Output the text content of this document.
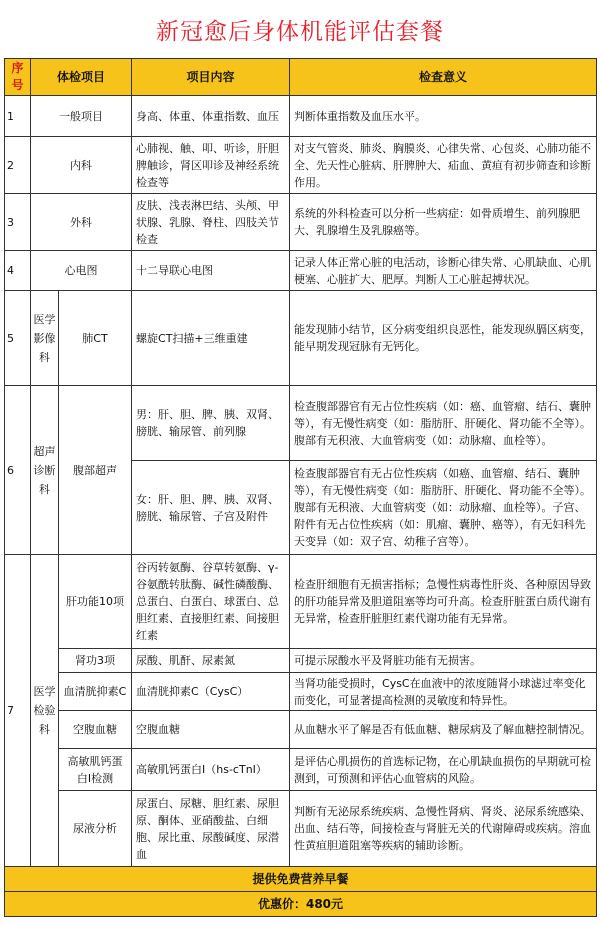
新冠愈后身体机能评估套餐
序号	体检项目		项目内容	检查意义
1	一般项目		身高、体重、体重指数、血压	判断体重指数及血压水平。
2	内科		心肺视、触、叩、听诊，肝胆脾触诊，肾区叩诊及神经系统检查等	对支气管炎、肺炎、胸膜炎、心律失常、心包炎、心肺功能不全、先天性心脏病、肝脾肿大、疝血、黄疸有初步筛查和诊断作用。
3	外科		皮肤、浅表淋巴结、头颅、甲状腺、乳腺、脊柱、四肢关节检查	系统的外科检查可以分析一些病症：如骨质增生、前列腺肥大、乳腺增生及乳腺癌等。
4	心电图		十二导联心电图	记录人体正常心脏的电活动，诊断心律失常、心肌缺血、心肌梗塞、心脏扩大、肥厚。判断人工心脏起搏状况。
5	医学影像科	肺CT	螺旋CT扫描+三维重建	能发现肺小结节，区分病变组织良恶性，能发现纵膈区病变，能早期发现冠脉有无钙化。
6	超声诊断科	腹部超声	男：肝、胆、脾、胰、双肾、膀胱、输尿管、前列腺	检查腹部器官有无占位性疾病（如：癌、血管瘤、结石、囊肿等），有无慢性病变（如：脂肪肝、肝硬化、肾功能不全等）。腹部有无积液、大血管病变（如：动脉瘤、血栓等）。
			女：肝、胆、脾、胰、双肾、膀胱、输尿管、子宫及附件	检查腹部器官有无占位性疾病（如癌、血管瘤、结石、囊肿等），有无慢性病变（如：脂肪肝、肝硬化、肾功能不全等）。腹部有无积液、大血管病变（如：动脉瘤、血栓等）。子宫、附件有无占位性疾病（如：肌瘤、囊肿、癌等），有无妇科先天变异（如：双子宫、幼稚子宫等）。
7	医学检验科	肝功能10项	谷丙转氨酶、谷草转氨酶、γ-谷氨酰转肽酶、碱性磷酸酶、总蛋白、白蛋白、球蛋白、总胆红素、直接胆红素、间接胆红素	检查肝细胞有无损害指标；急慢性病毒性肝炎、各种原因导致的肝功能异常及胆道阻塞等均可升高。检查肝脏蛋白质代谢有无异常，检查肝脏胆红素代谢功能有无异常。
		肾功3项	尿酸、肌酐、尿素氮	可提示尿酸水平及肾脏功能有无损害。
		血清胱抑素C	血清胱抑素C（CysC）	当肾功能受损时，CysC在血液中的浓度随肾小球滤过率变化而变化，可显著提高检测的灵敏度和特异性。
		空腹血糖	空腹血糖	从血糖水平了解是否有低血糖、糖尿病及了解血糖控制情况。
		高敏肌钙蛋白I检测	高敏肌钙蛋白I（hs-cTnI）	是评估心肌损伤的首选标记物，在心肌缺血损伤的早期就可检测到，可预测和评估心血管病的风险。
		尿液分析	尿蛋白、尿糖、胆红素、尿胆原、酮体、亚硝酸盐、白细胞、尿比重、尿酸碱度、尿潜血	判断有无泌尿系统疾病、急慢性肾病、肾炎、泌尿系统感染、出血、结石等，间接检查与肾脏无关的代谢障碍或疾病。溶血性黄疸胆道阻塞等疾病的辅助诊断。
提供免费营养早餐				
优惠价：480元				
